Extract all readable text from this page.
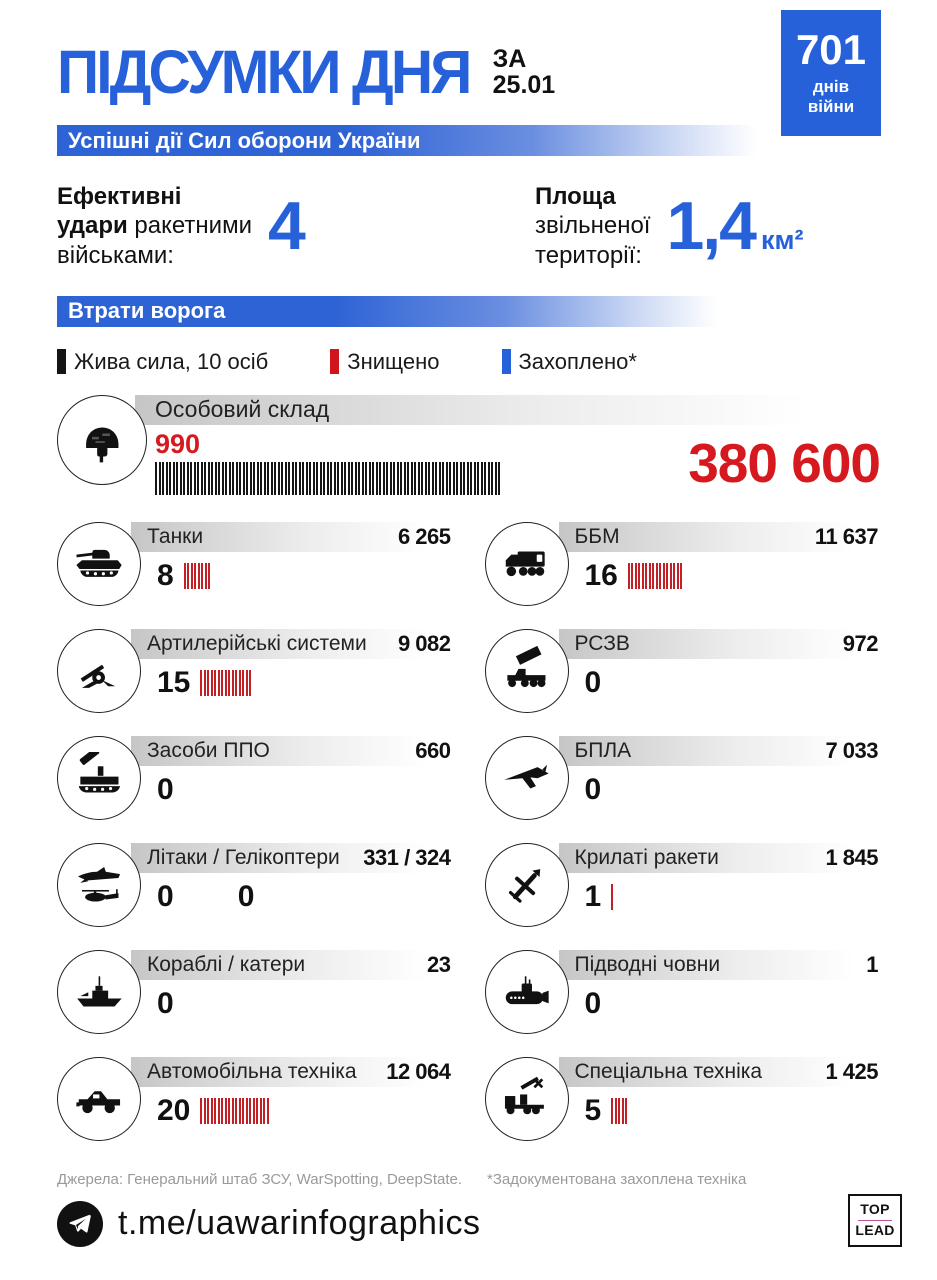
ПІДСУМКИ ДНЯ ЗА
25.01
701
днів
війни
Успішні дії Сил оборони України
Ефективні
удари ракетними
військами:	4	Площа
звільненої
території: 1,4 км²
Втрати ворога
Жива сила, 10 осіб	Знищено	Захоплено*
Особовий склад
990	380 600
Танки	6 265
8
ББМ	11 637
16
Артилерійські системи 9 082
15
РСЗВ	972
0
Засоби ППО	660
0
БПЛА	7 033
0
Літаки / Гелікоптери 331 / 324
0 0
Крилаті ракети	1 845
1
Кораблі / катери	23
0
Підводні човни	1
0
Автомобільна техніка 12 064
20
Спеціальна техніка	1 425
5
Джерела: Генеральний штаб ЗСУ, WarSpotting, DeepState.	*Задокументована захоплена техніка
t.me/uawarinfographics	TOP
LEAD
